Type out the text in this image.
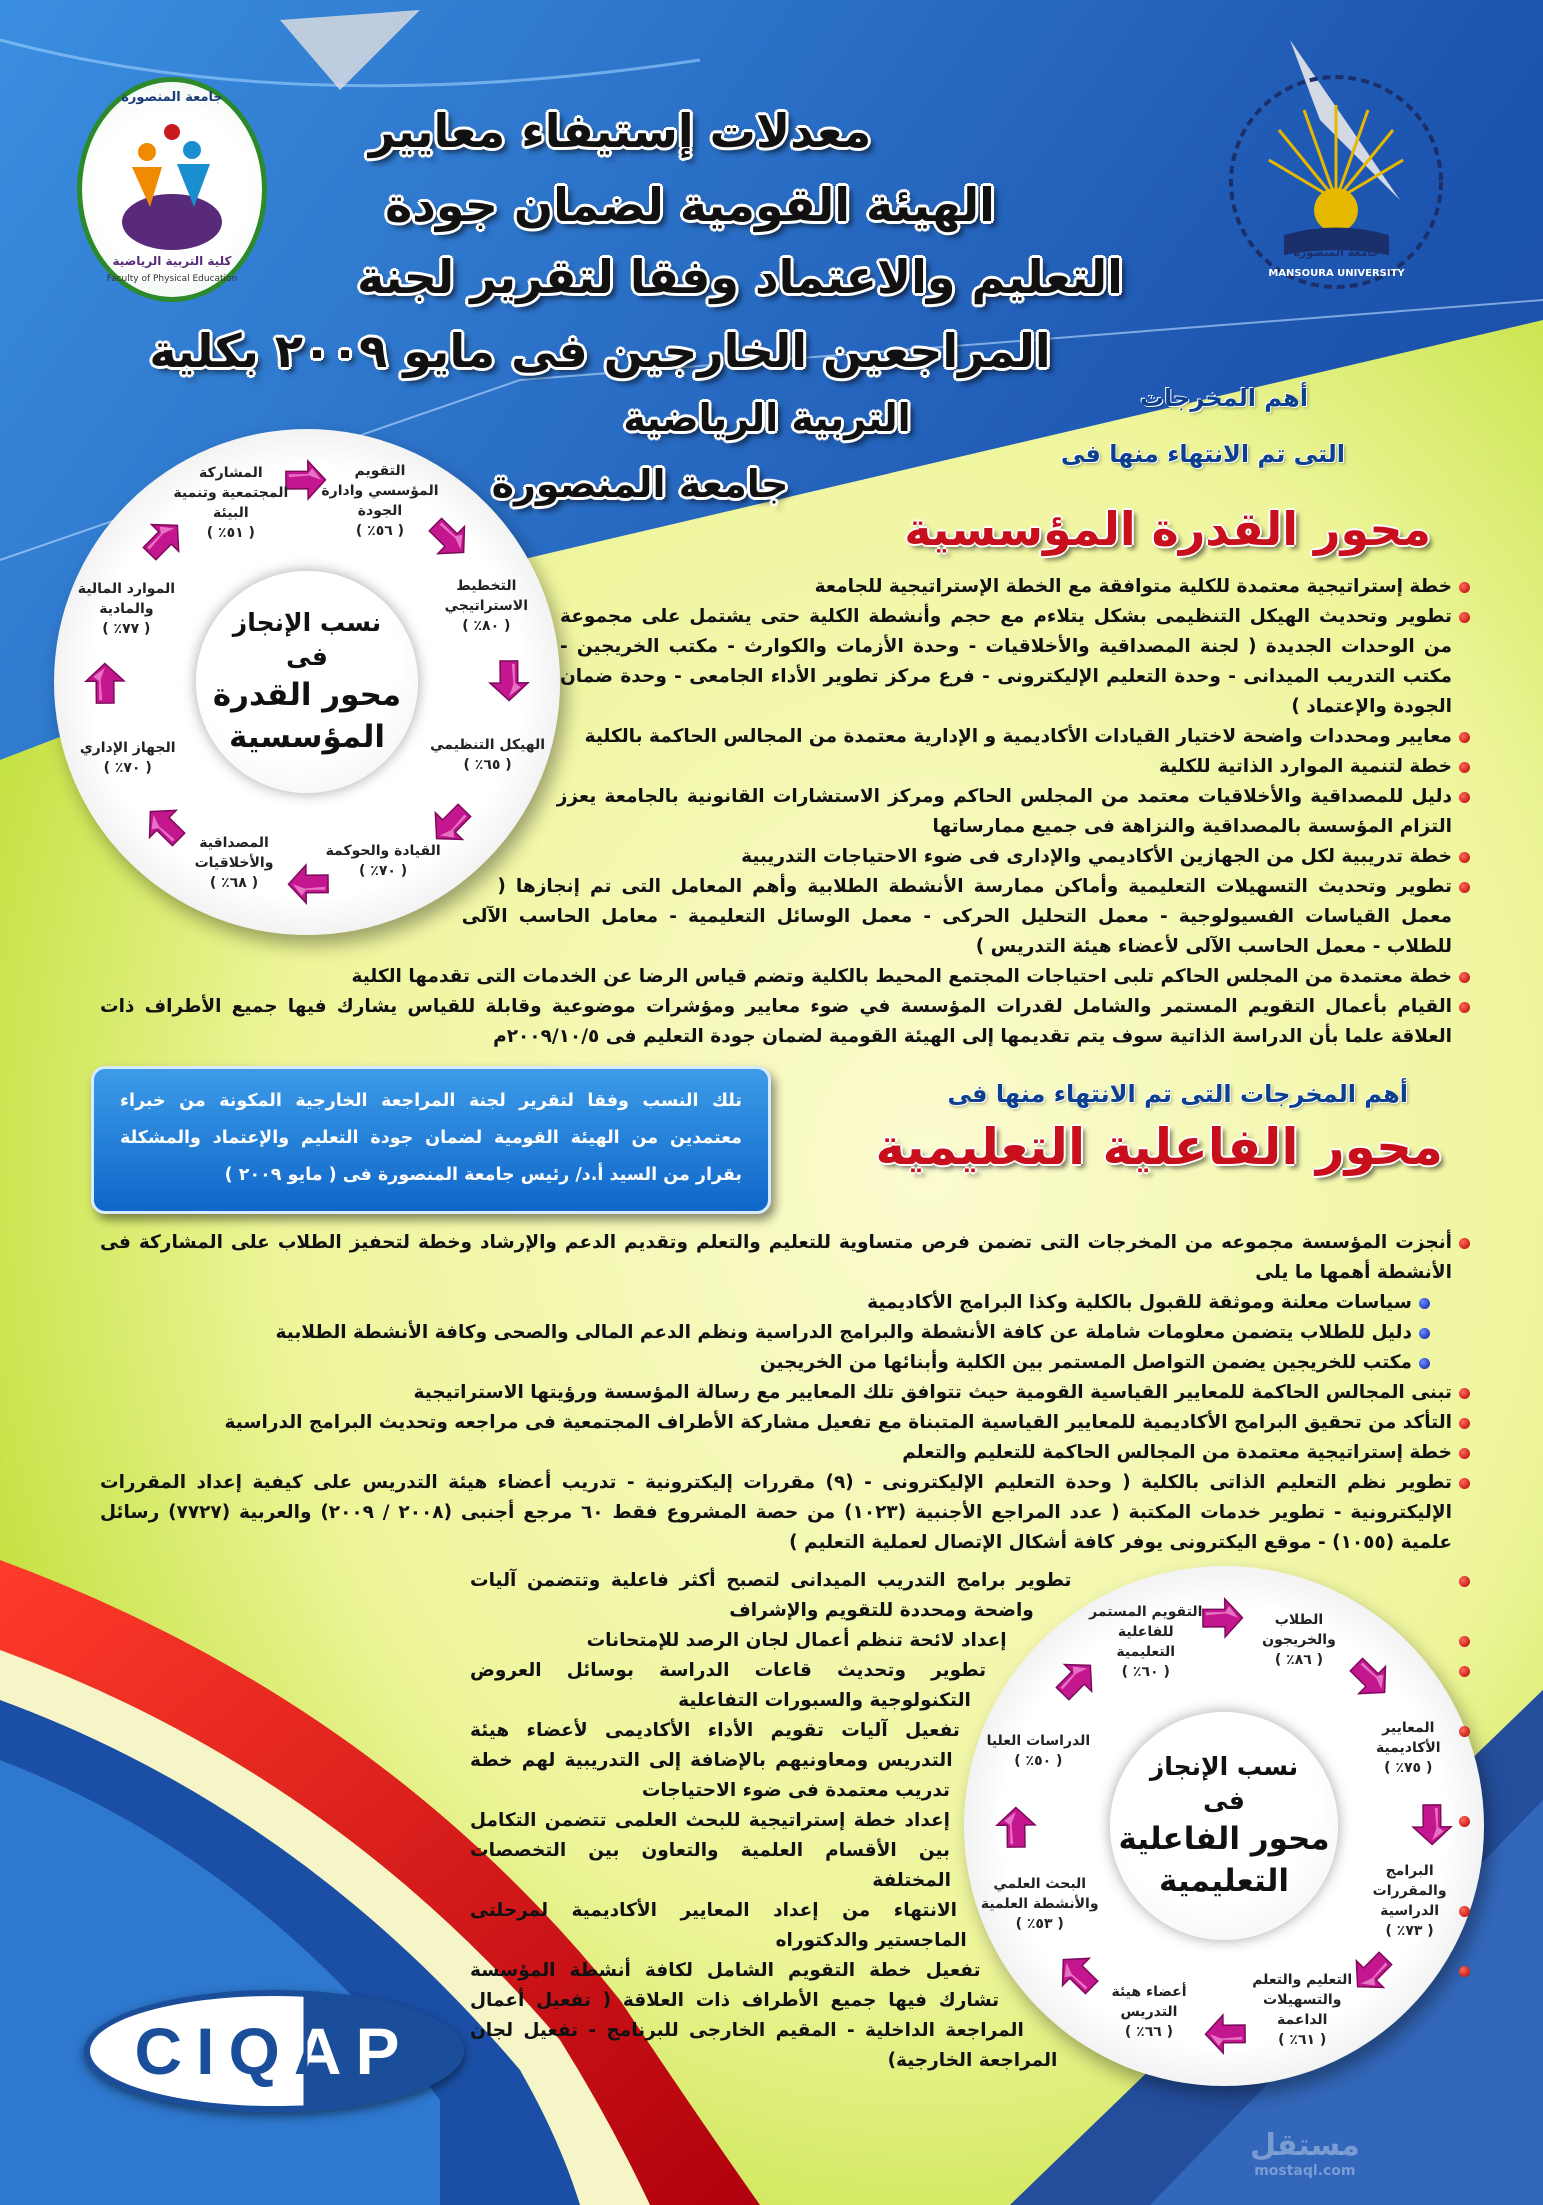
جامعة المنصورة
كلية التربية الرياضية
Faculty of Physical Education
جامعة المنصورة
MANSOURA UNIVERSITY
معدلات إستيفاء معايير
الهيئة القومية لضمان جودة
التعليم والاعتماد وفقا لتقرير لجنة
المراجعين الخارجين فى مايو ٢٠٠٩ بكلية
التربية الرياضية
جامعة المنصورة
أهم المخرجات
التى تم الانتهاء منها فى
محور القدرة المؤسسية
نسب الإنجاز
فى
محور القدرة
المؤسسية
التقويم المؤسسي وادارة الجودة
( ٥٦٪ )
التخطيط الاستراتيجي
( ٨٠٪ )
الهيكل التنظيمي
( ٦٥٪ )
القيادة والحوكمة
( ٧٠٪ )
المصداقية والأخلاقيات
( ٦٨٪ )
الجهاز الإداري
( ٧٠٪ )
الموارد المالية والمادية
( ٧٧٪ )
المشاركة المجتمعية وتنمية البيئة
( ٥١٪ )
نسب الإنجاز
فى
محور الفاعلية
التعليمية
الطلاب والخريجون
( ٨٦٪ )
المعايير الأكاديمية
( ٧٥٪ )
البرامج والمقررات الدراسية
( ٧٣٪ )
التعليم والتعلم والتسهيلات الداعمة
( ٦١٪ )
أعضاء هيئة التدريس
( ٦٦٪ )
البحث العلمي والأنشطة العلمية
( ٥٣٪ )
الدراسات العليا
( ٥٠٪ )
التقويم المستمر للفاعلية التعليمية
( ٦٠٪ )
خطة إستراتيجية معتمدة للكلية متوافقة مع الخطة الإستراتيجية للجامعة
تطوير وتحديث الهيكل التنظيمى بشكل يتلاءم مع حجم وأنشطة الكلية حتى يشتمل على مجموعة من الوحدات الجديدة ( لجنة المصداقية والأخلاقيات - وحدة الأزمات والكوارث - مكتب الخريجين - مكتب التدريب الميدانى - وحدة التعليم الإليكترونى - فرع مركز تطوير الأداء الجامعى - وحدة ضمان الجودة والإعتماد )
معايير ومحددات واضحة لاختيار القيادات الأكاديمية و الإدارية معتمدة من المجالس الحاكمة بالكلية
خطة لتنمية الموارد الذاتية للكلية
دليل للمصداقية والأخلاقيات معتمد من المجلس الحاكم ومركز الاستشارات القانونية بالجامعة يعزز التزام المؤسسة بالمصداقية والنزاهة فى جميع ممارساتها
خطة تدريبية لكل من الجهازين الأكاديمي والإدارى فى ضوء الاحتياجات التدريبية
تطوير وتحديث التسهيلات التعليمية وأماكن ممارسة الأنشطة الطلابية وأهم المعامل التى تم إنجازها ( معمل القياسات الفسيولوجية - معمل التحليل الحركى - معمل الوسائل التعليمية - معامل الحاسب الآلى للطلاب - معمل الحاسب الآلى لأعضاء هيئة التدريس )
خطة معتمدة من المجلس الحاكم تلبى احتياجات المجتمع المحيط بالكلية وتضم قياس الرضا عن الخدمات التى تقدمها الكلية
القيام بأعمال التقويم المستمر والشامل لقدرات المؤسسة في ضوء معايير ومؤشرات موضوعية وقابلة للقياس يشارك فيها جميع الأطراف ذات العلاقة علما بأن الدراسة الذاتية سوف يتم تقديمها إلى الهيئة القومية لضمان جودة التعليم فى ٢٠٠٩/١٠/٥م
تلك النسب وفقا لتقرير لجنة المراجعة الخارجية المكونة من خبراء معتمدين من الهيئة القومية لضمان جودة التعليم والإعتماد والمشكلة بقرار من السيد أ.د/ رئيس جامعة المنصورة فى ( مايو ٢٠٠٩ )
أهم المخرجات التى تم الانتهاء منها فى
محور الفاعلية التعليمية
أنجزت المؤسسة مجموعه من المخرجات التى تضمن فرص متساوية للتعليم والتعلم وتقديم الدعم والإرشاد وخطة لتحفيز الطلاب على المشاركة فى الأنشطة أهمها ما يلى
سياسات معلنة وموثقة للقبول بالكلية وكذا البرامج الأكاديمية
دليل للطلاب يتضمن معلومات شاملة عن كافة الأنشطة والبرامج الدراسية ونظم الدعم المالى والصحى وكافة الأنشطة الطلابية
مكتب للخريجين يضمن التواصل المستمر بين الكلية وأبنائها من الخريجين
تبنى المجالس الحاكمة للمعايير القياسية القومية حيث تتوافق تلك المعايير مع رسالة المؤسسة ورؤيتها الاستراتيجية
التأكد من تحقيق البرامج الأكاديمية للمعايير القياسية المتبناة مع تفعيل مشاركة الأطراف المجتمعية فى مراجعه وتحديث البرامج الدراسية
خطة إستراتيجية معتمدة من المجالس الحاكمة للتعليم والتعلم
تطوير نظم التعليم الذاتى بالكلية ( وحدة التعليم الإليكترونى - (٩) مقررات إليكترونية - تدريب أعضاء هيئة التدريس على كيفية إعداد المقررات الإليكترونية - تطوير خدمات المكتبة ( عدد المراجع الأجنبية (١٠٢٣) من حصة المشروع فقط ٦٠ مرجع أجنبى (٢٠٠٨ / ٢٠٠٩) والعربية (٧٧٢٧) رسائل علمية (١٠٥٥) - موقع اليكترونى يوفر كافة أشكال الإتصال لعملية التعليم )
تطوير برامج التدريب الميدانى لتصبح أكثر فاعلية وتتضمن آليات واضحة ومحددة للتقويم والإشراف
إعداد لائحة تنظم أعمال لجان الرصد للإمتحانات
تطوير وتحديث قاعات الدراسة بوسائل العروض التكنولوجية والسبورات التفاعلية
تفعيل آليات تقويم الأداء الأكاديمى لأعضاء هيئة التدريس ومعاونيهم بالإضافة إلى التدريبية لهم خطة تدريب معتمدة فى ضوء الاحتياجات
إعداد خطة إستراتيجية للبحث العلمى تتضمن التكامل بين الأقسام العلمية والتعاون بين التخصصات المختلفة
الانتهاء من إعداد المعايير الأكاديمية لمرحلتى الماجستير والدكتوراه
تفعيل خطة التقويم الشامل لكافة أنشطة المؤسسة تشارك فيها جميع الأطراف ذات العلاقة ( تفعيل أعمال المراجعة الداخلية - المقيم الخارجى للبرنامج - تفعيل لجان المراجعة الخارجية)
CIQAP
مستقل
mostaql.com
